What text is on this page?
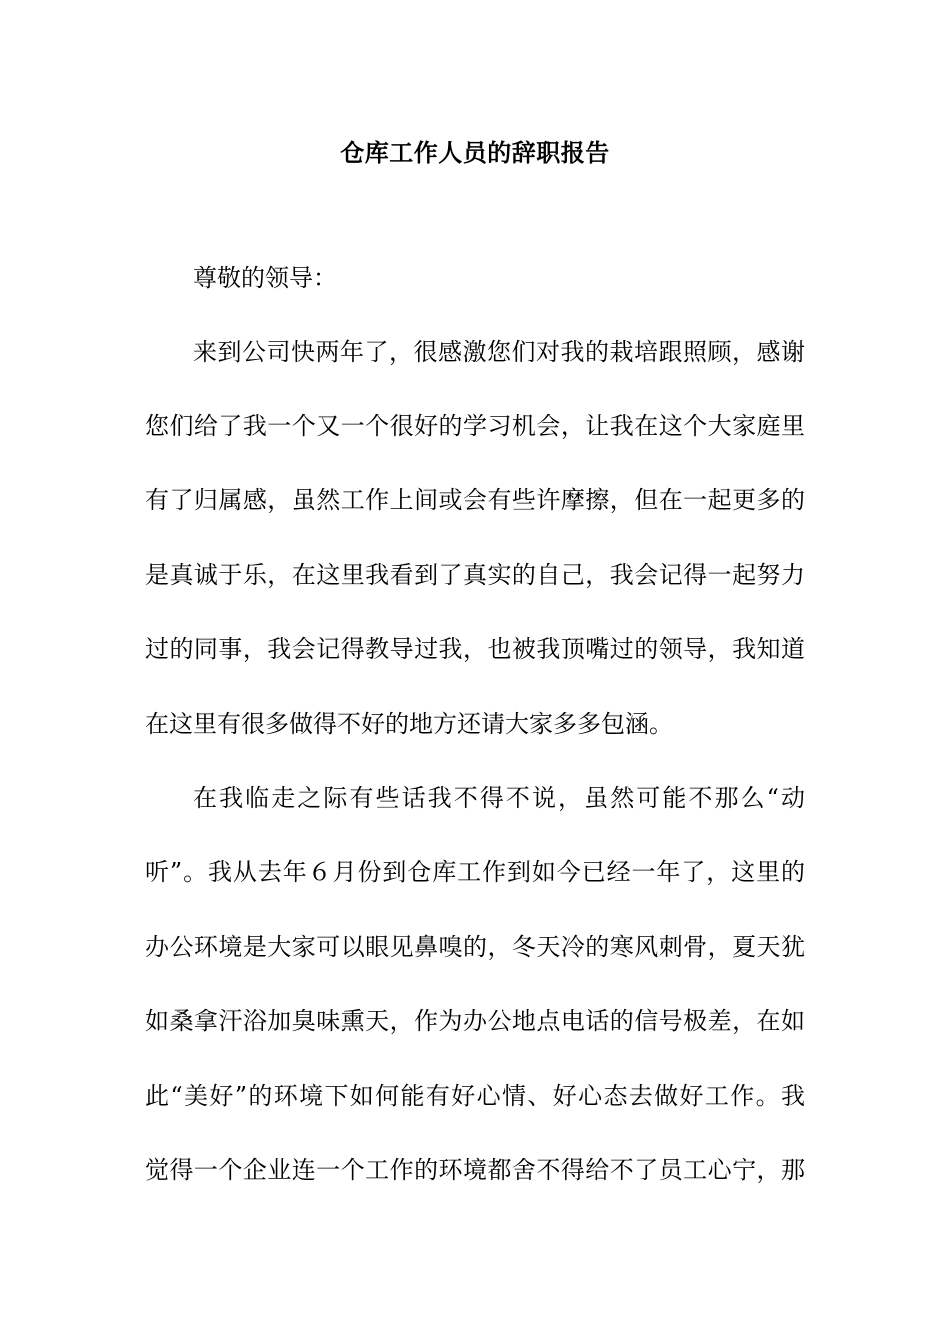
仓库工作人员的辞职报告
尊敬的领导：
来到公司快两年了，很感激您们对我的栽培跟照顾，感谢
您们给了我一个又一个很好的学习机会，让我在这个大家庭里
有了归属感，虽然工作上间或会有些许摩擦，但在一起更多的
是真诚于乐，在这里我看到了真实的自己，我会记得一起努力
过的同事，我会记得教导过我，也被我顶嘴过的领导，我知道
在这里有很多做得不好的地方还请大家多多包涵。
在我临走之际有些话我不得不说，虽然可能不那么“动
听”。我从去年６月份到仓库工作到如今已经一年了，这里的
办公环境是大家可以眼见鼻嗅的，冬天冷的寒风刺骨，夏天犹
如桑拿汗浴加臭味熏天，作为办公地点电话的信号极差，在如
此“美好”的环境下如何能有好心情、好心态去做好工作。我
觉得一个企业连一个工作的环境都舍不得给不了员工心宁，那
